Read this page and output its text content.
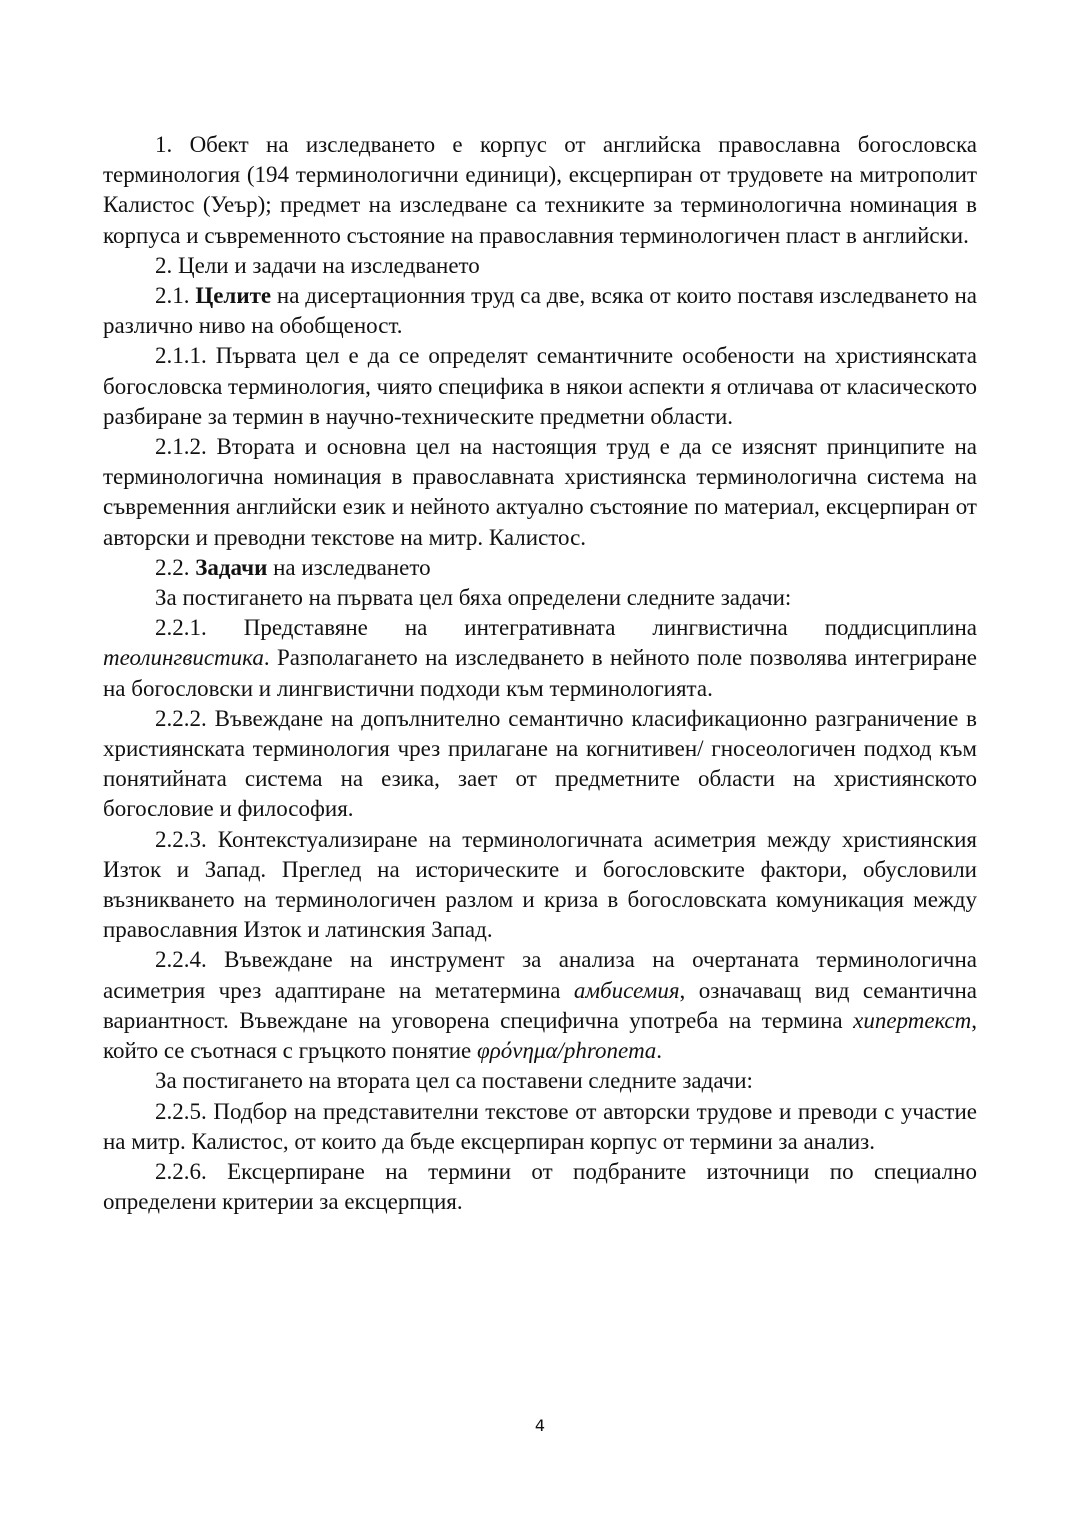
1. Обект на изследването е корпус от английска православна богословска терминология (194 терминологични единици), ексцерпиран от трудовете на митрополит Калистос (Уеър); предмет на изследване са техниките за терминологична номинация в корпуса и съвременното състояние на православния терминологичен пласт в английски.

2. Цели и задачи на изследването

2.1. Целите на дисертационния труд са две, всяка от които поставя изследването на различно ниво на обобщеност.

2.1.1. Първата цел е да се определят семантичните особености на християнската богословска терминология, чиято специфика в някои аспекти я отличава от класическото разбиране за термин в научно-техническите предметни области.

2.1.2. Втората и основна цел на настоящия труд е да се изяснят принципите на терминологична номинация в православната християнска терминологична система на съвременния английски език и нейното актуално състояние по материал, ексцерпиран от авторски и преводни текстове на митр. Калистос.

2.2. Задачи на изследването

За постигането на първата цел бяха определени следните задачи:

2.2.1. Представяне на интегративната лингвистична поддисциплина теолингвистика. Разполагането на изследването в нейното поле позволява интегриране на богословски и лингвистични подходи към терминологията.

2.2.2. Въвеждане на допълнително семантично класификационно разграничение в християнската терминология чрез прилагане на когнитивен/ гносеологичен подход към понятийната система на езика, заeт от предметните области на християнското богословие и философия.

2.2.3. Контекстуализиране на терминологичната асиметрия между християнския Изток и Запад. Преглед на историческите и богословските фактори, обусловили възникването на терминологичен разлом и криза в богословската комуникация между православния Изток и латинския Запад.

2.2.4. Въвеждане на инструмент за анализа на очертаната терминологична асиметрия чрез адаптиране на метатермина амбисемия, означаващ вид семантична вариантност. Въвеждане на уговорена специфична употреба на термина хипертекст, който се съотнася с гръцкото понятие φρόνημα/phronema.

За постигането на втората цел са поставени следните задачи:

2.2.5. Подбор на представителни текстове от авторски трудове и преводи с участие на митр. Калистос, от които да бъде ексцерпиран корпус от термини за анализ.

2.2.6. Ексцерпиране на термини от подбраните източници по специално определени критерии за ексцерпция.

4
